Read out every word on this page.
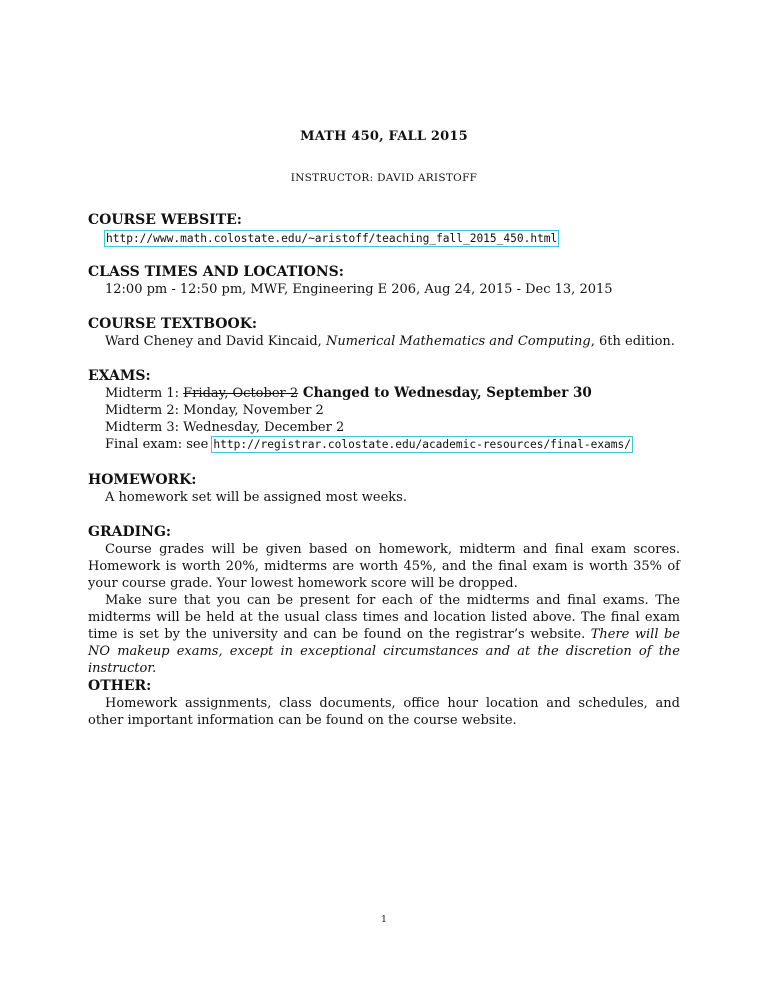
MATH 450, FALL 2015
INSTRUCTOR: DAVID ARISTOFF
COURSE WEBSITE:
http://www.math.colostate.edu/~aristoff/teaching_fall_2015_450.html
CLASS TIMES AND LOCATIONS:
12:00 pm - 12:50 pm, MWF, Engineering E 206, Aug 24, 2015 - Dec 13, 2015
COURSE TEXTBOOK:
Ward Cheney and David Kincaid, Numerical Mathematics and Computing, 6th edition.
EXAMS:
Midterm 1: Friday, October 2 Changed to Wednesday, September 30
Midterm 2: Monday, November 2
Midterm 3: Wednesday, December 2
Final exam: see http://registrar.colostate.edu/academic-resources/final-exams/
HOMEWORK:
A homework set will be assigned most weeks.
GRADING:

Course grades will be given based on homework, midterm and final exam scores. Homework is worth 20%, midterms are worth 45%, and the final exam is worth 35% of your course grade. Your lowest homework score will be dropped.

Make sure that you can be present for each of the midterms and final exams. The midterms will be held at the usual class times and location listed above. The final exam time is set by the university and can be found on the registrar’s website. There will be NO makeup exams, except in exceptional circumstances and at the discretion of the instructor.

OTHER:

Homework assignments, class documents, office hour location and schedules, and other important information can be found on the course website.

1
